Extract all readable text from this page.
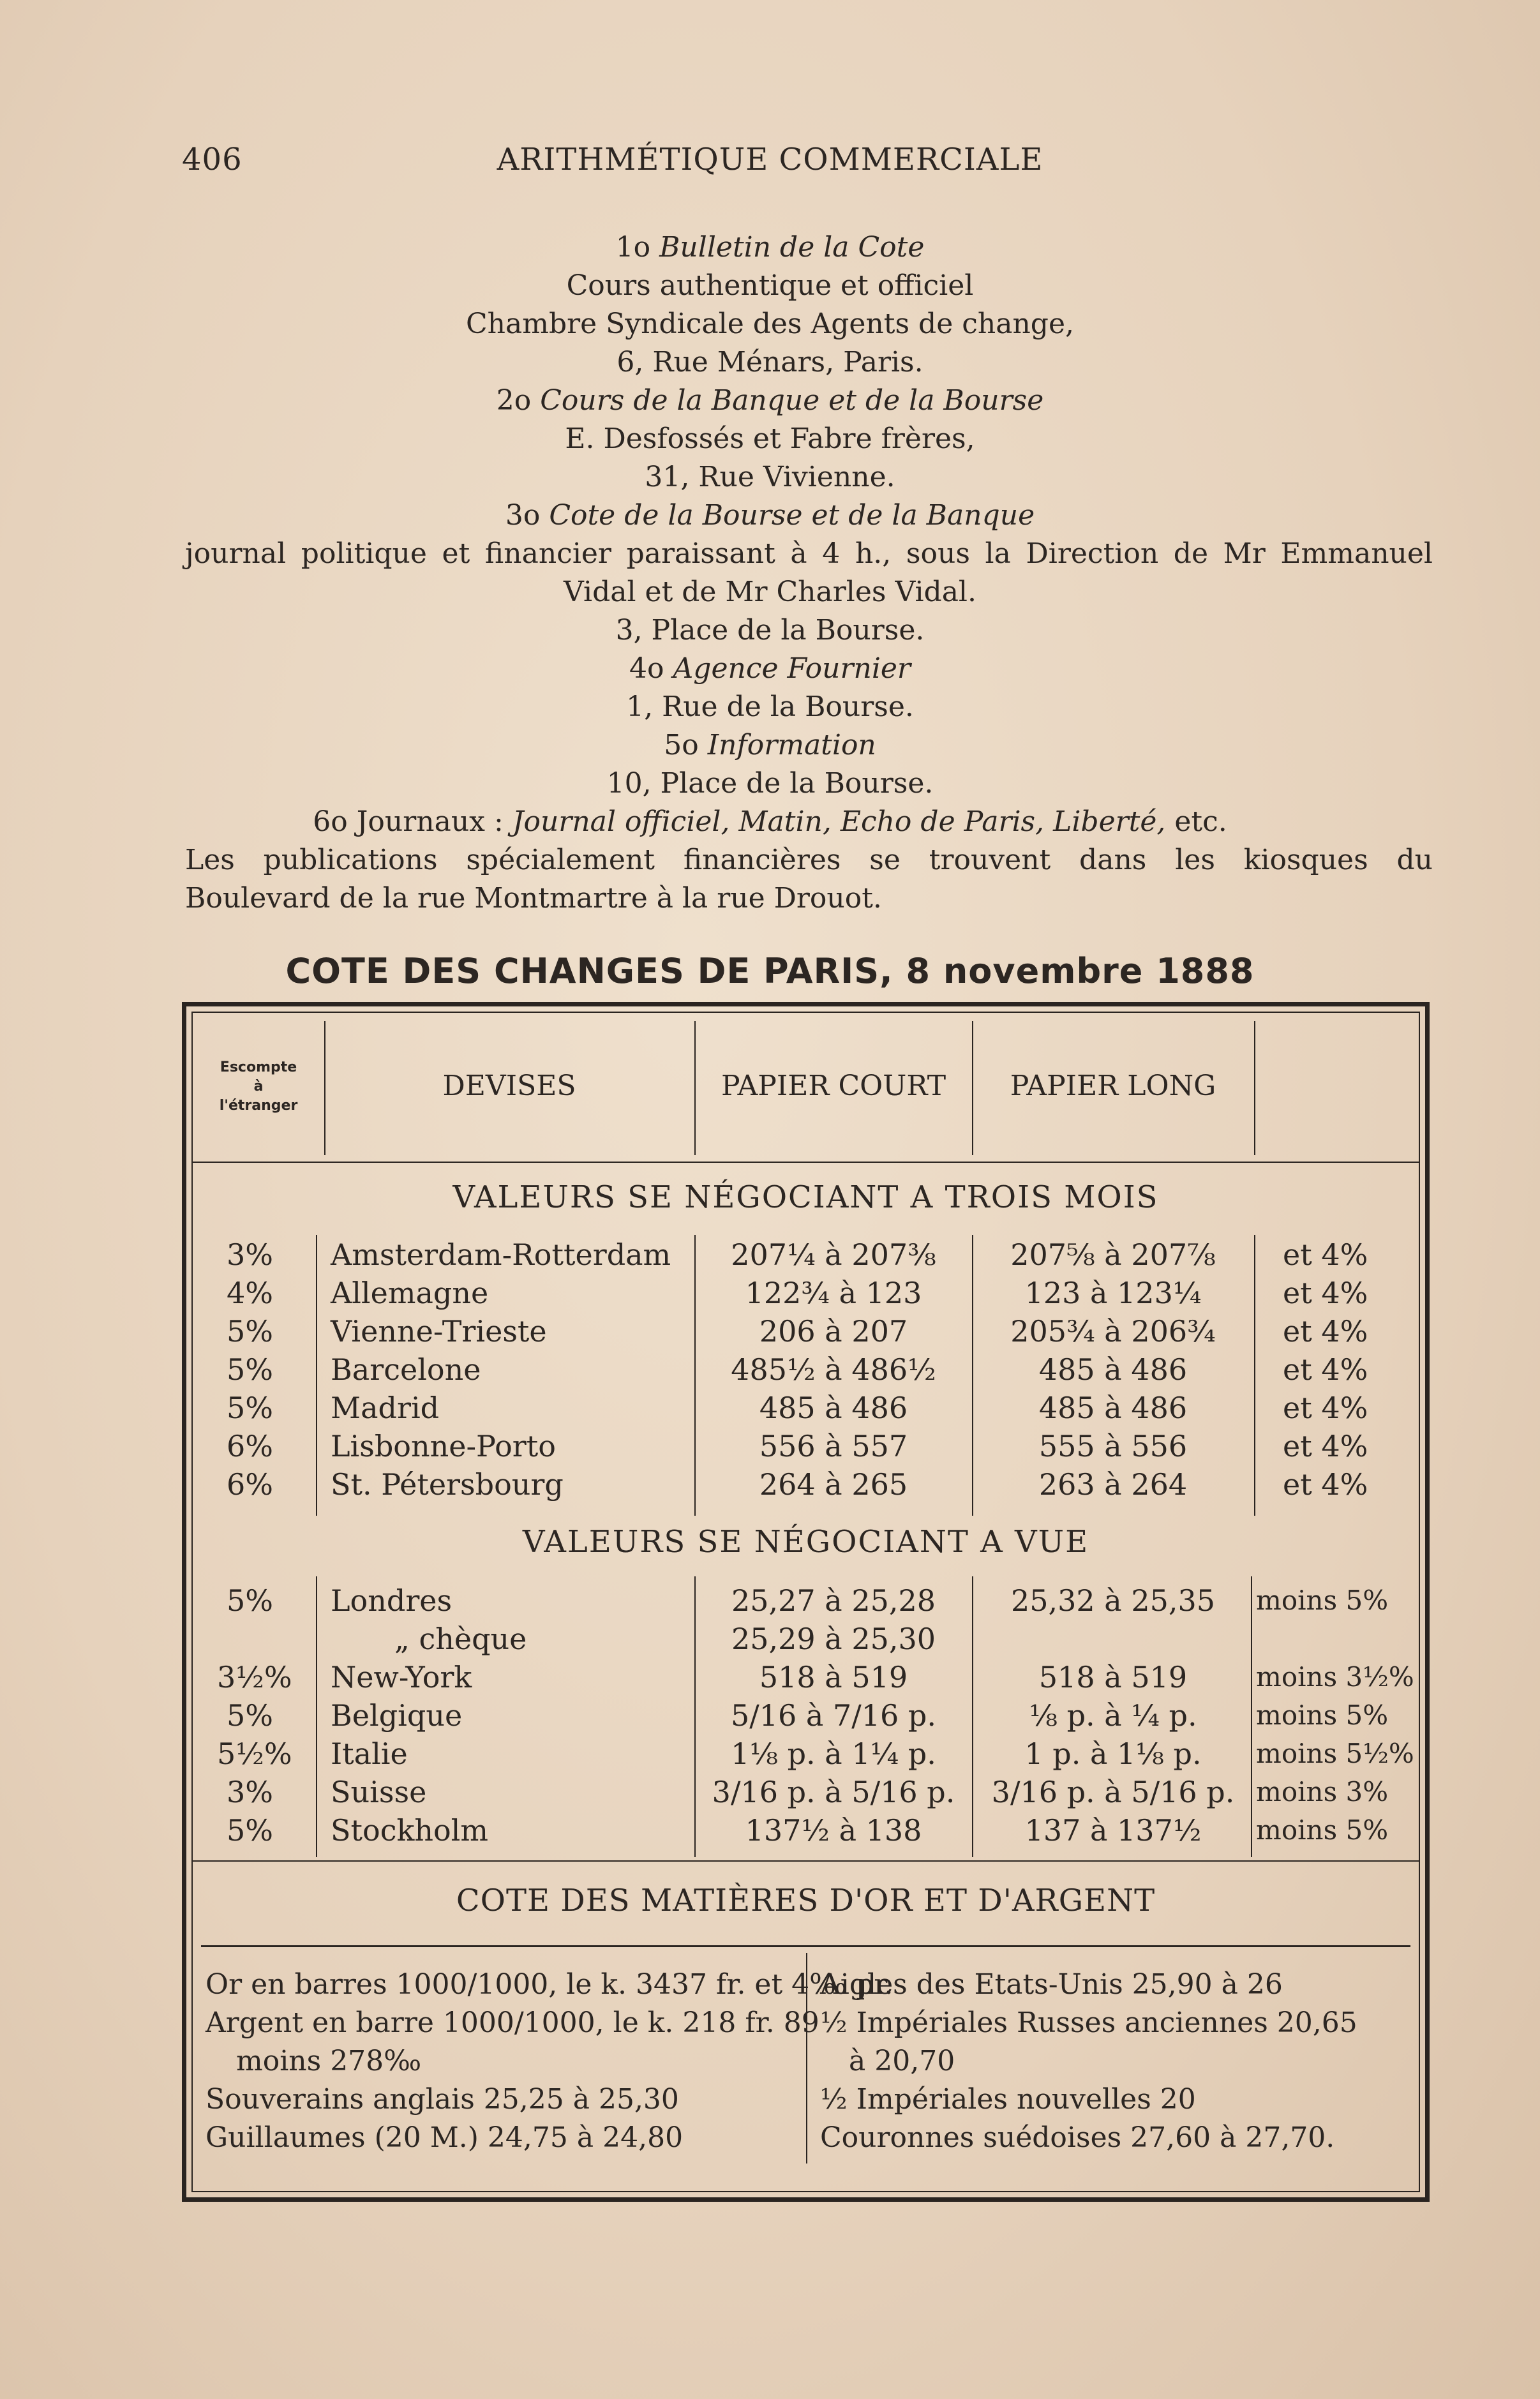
406	ARITHMÉTIQUE COMMERCIALE
1o Bulletin de la Cote
Cours authentique et officiel
Chambre Syndicale des Agents de change,
6, Rue Ménars, Paris.
2o Cours de la Banque et de la Bourse
E. Desfossés et Fabre frères,
31, Rue Vivienne.
3o Cote de la Bourse et de la Banque
journal politique et financier paraissant à 4 h., sous la Direction de Mr Emmanuel
Vidal et de Mr Charles Vidal.
3, Place de la Bourse.
4o Agence Fournier
1, Rue de la Bourse.
5o Information
10, Place de la Bourse.
6o Journaux : Journal officiel, Matin, Echo de Paris, Liberté, etc.
Les publications spécialement financières se trouvent dans les kiosques du
Boulevard de la rue Montmartre à la rue Drouot.
COTE DES CHANGES DE PARIS, 8 novembre 1888
Escompte
à
l'étranger
DEVISES	PAPIER COURT	PAPIER LONG
VALEURS SE NÉGOCIANT A TROIS MOIS
3% Amsterdam-Rotterdam	207¼ à 207⅜	207⅝ à 207⅞	et 4%
4% Allemagne	122¾ à 123	123 à 123¼	et 4%
5% Vienne-Trieste	206 à 207	205¾ à 206¾	et 4%
5% Barcelone	485½ à 486½	485 à 486	et 4%
5% Madrid	485 à 486	485 à 486	et 4%
6% Lisbonne-Porto	556 à 557	555 à 556	et 4%
6% St. Pétersbourg	264 à 265	263 à 264	et 4%
VALEURS SE NÉGOCIANT A VUE
5% Londres	25,27 à 25,28	25,32 à 25,35	moins 5%
„ chèque	25,29 à 25,30
3½% New-York	518 à 519	518 à 519	moins 3½%
5% Belgique	5/16 à 7/16 p.	⅛ p. à ¼ p.	moins 5%
5½% Italie	1⅛ p. à 1¼ p.	1 p. à 1⅛ p.	moins 5½%
3% Suisse	3/16 p. à 5/16 p.	3/16 p. à 5/16 p. moins 3%
5% Stockholm	137½ à 138	137 à 137½	moins 5%
COTE DES MATIÈRES D'OR ET D'ARGENT
Or en barres 1000/1000, le k. 3437 fr. et 4‰ pr.
Argent en barre 1000/1000, le k. 218 fr. 89
moins 278‰
Souverains anglais 25,25 à 25,30
Guillaumes (20 M.) 24,75 à 24,80
Aigles des Etats-Unis 25,90 à 26
½ Impériales Russes anciennes 20,65
à 20,70
½ Impériales nouvelles 20
Couronnes suédoises 27,60 à 27,70.
